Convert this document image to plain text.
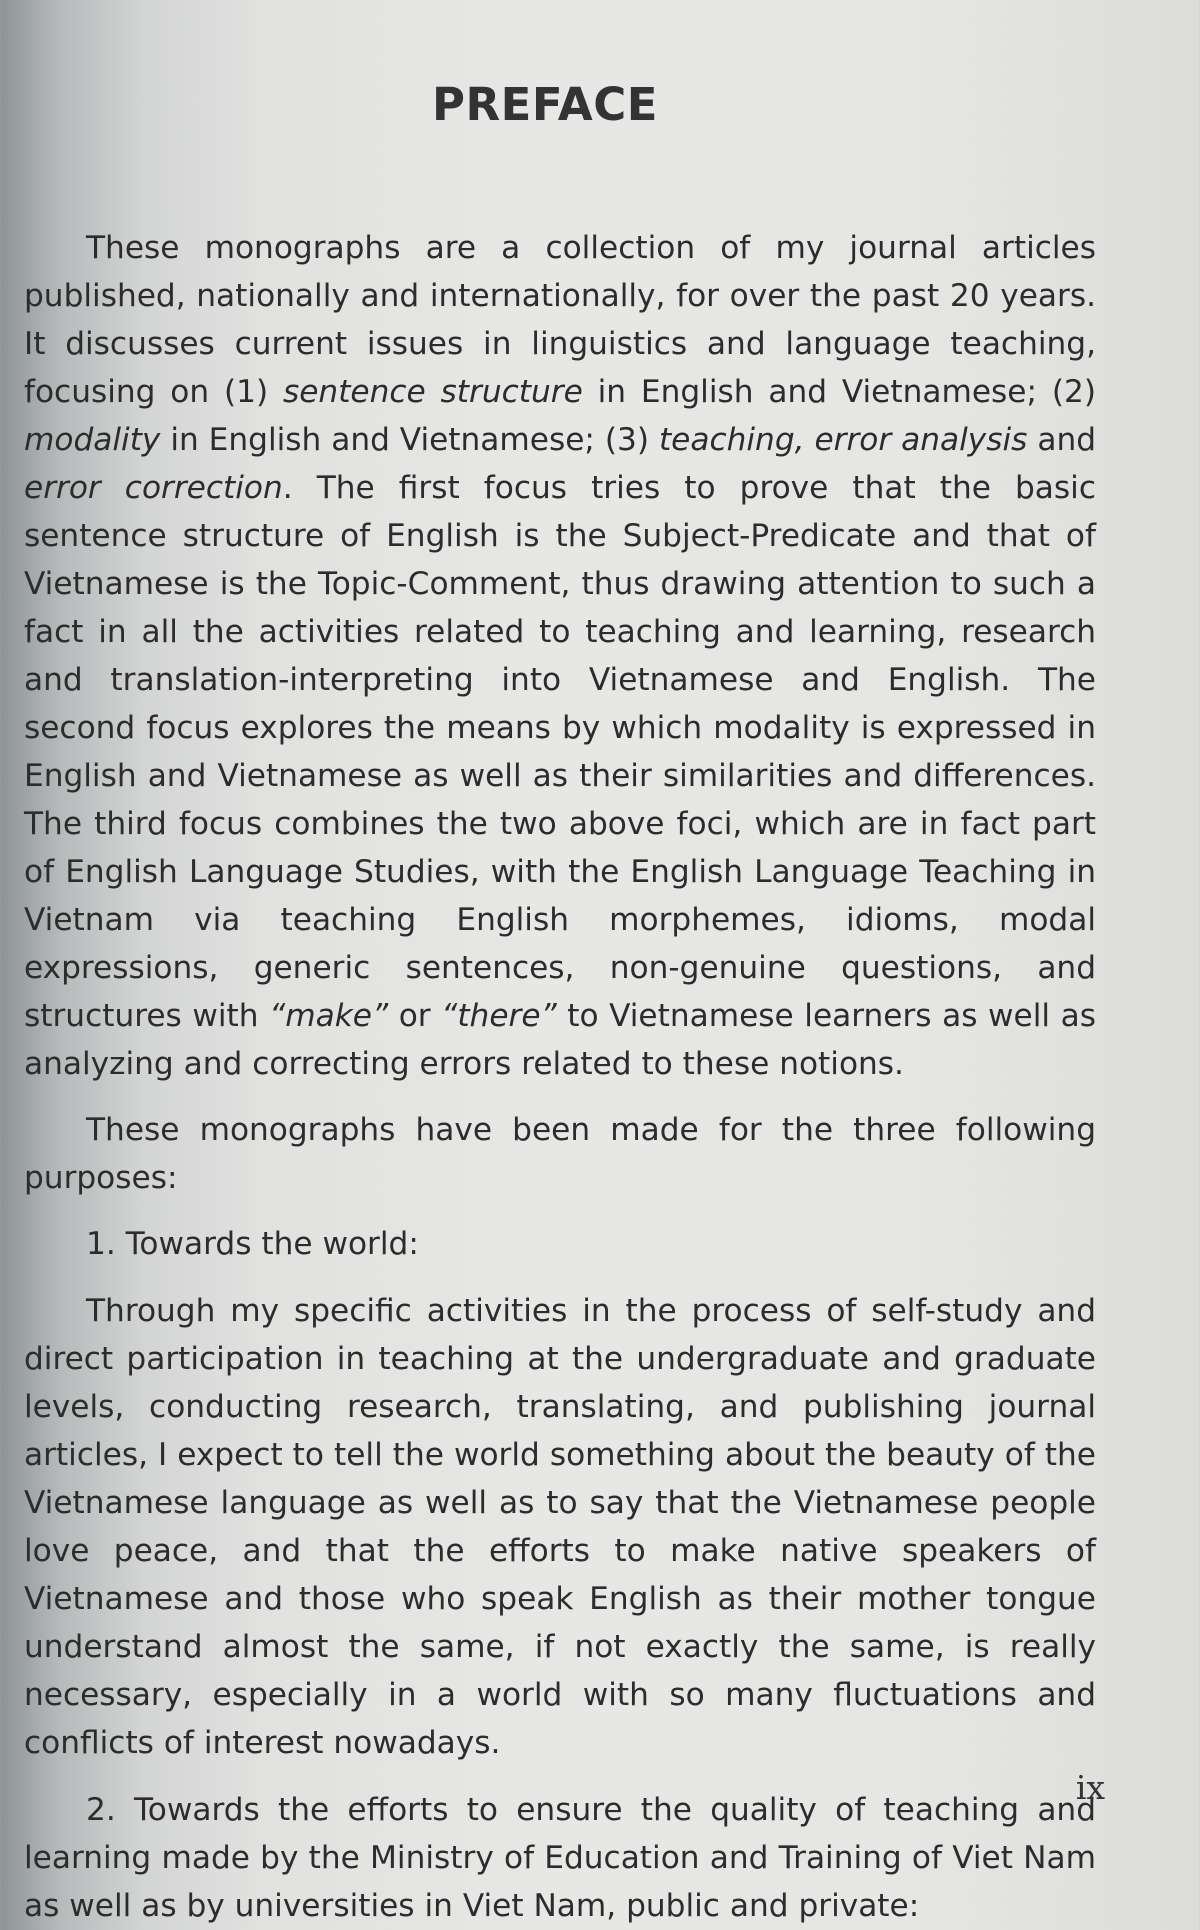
PREFACE

These monographs are a collection of my journal articles published, nationally and internationally, for over the past 20 years. It discusses current issues in linguistics and language teaching, focusing on (1) sentence structure in English and Vietnamese; (2) modality in English and Vietnamese; (3) teaching, error analysis and error correction. The first focus tries to prove that the basic sentence structure of English is the Subject-Predicate and that of Vietnamese is the Topic-Comment, thus drawing attention to such a fact in all the activities related to teaching and learning, research and translation-interpreting into Vietnamese and English. The second focus explores the means by which modality is expressed in English and Vietnamese as well as their similarities and differences. The third focus combines the two above foci, which are in fact part of English Language Studies, with the English Language Teaching in Vietnam via teaching English morphemes, idioms, modal expressions, generic sentences, non-genuine questions, and structures with “make” or “there” to Vietnamese learners as well as analyzing and correcting errors related to these notions.

These monographs have been made for the three following purposes:

1. Towards the world:

Through my specific activities in the process of self-study and direct participation in teaching at the undergraduate and graduate levels, conducting research, translating, and publishing journal articles, I expect to tell the world something about the beauty of the Vietnamese language as well as to say that the Vietnamese people love peace, and that the efforts to make native speakers of Vietnamese and those who speak English as their mother tongue understand almost the same, if not exactly the same, is really necessary, especially in a world with so many fluctuations and conflicts of interest nowadays.

2. Towards the efforts to ensure the quality of teaching and learning made by the Ministry of Education and Training of Viet Nam as well as by universities in Viet Nam, public and private:

ix
